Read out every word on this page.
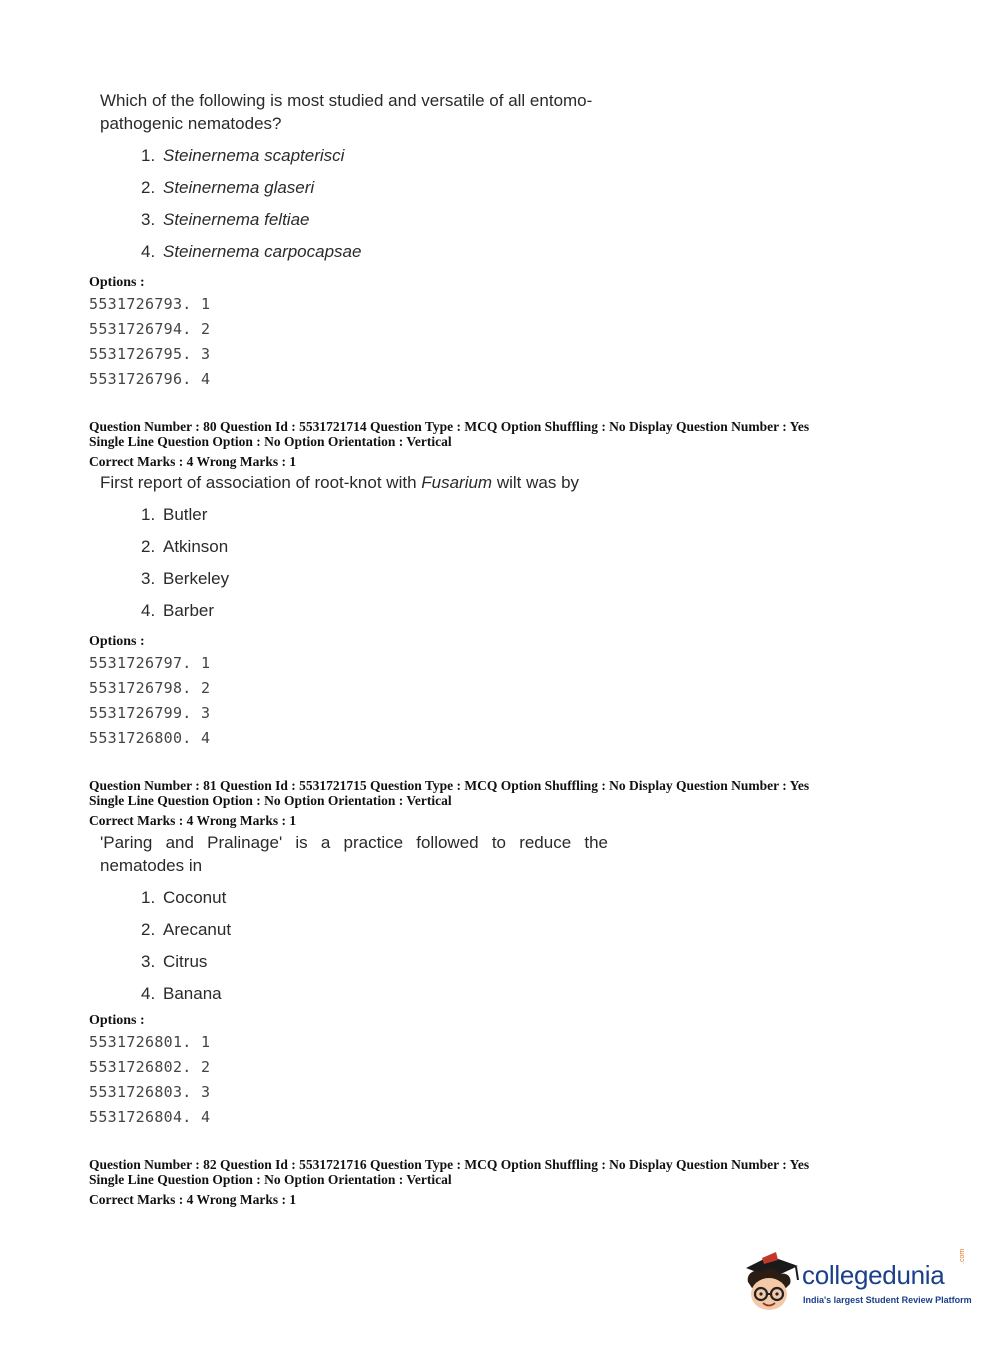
Which of the following is most studied and versatile of all entomo-pathogenic nematodes?
1. Steinernema scapterisci
2. Steinernema glaseri
3. Steinernema feltiae
4. Steinernema carpocapsae
Options :
5531726793. 1
5531726794. 2
5531726795. 3
5531726796. 4
Question Number : 80 Question Id : 5531721714 Question Type : MCQ Option Shuffling : No Display Question Number : Yes
Single Line Question Option : No Option Orientation : Vertical
Correct Marks : 4 Wrong Marks : 1
First report of association of root-knot with Fusarium wilt was by
1. Butler
2. Atkinson
3. Berkeley
4. Barber
Options :
5531726797. 1
5531726798. 2
5531726799. 3
5531726800. 4
Question Number : 81 Question Id : 5531721715 Question Type : MCQ Option Shuffling : No Display Question Number : Yes
Single Line Question Option : No Option Orientation : Vertical
Correct Marks : 4 Wrong Marks : 1
'Paring and Pralinage' is a practice followed to reduce the nematodes in
1. Coconut
2. Arecanut
3. Citrus
4. Banana
Options :
5531726801. 1
5531726802. 2
5531726803. 3
5531726804. 4
Question Number : 82 Question Id : 5531721716 Question Type : MCQ Option Shuffling : No Display Question Number : Yes
Single Line Question Option : No Option Orientation : Vertical
Correct Marks : 4 Wrong Marks : 1
collegedunia
.com
India's largest Student Review Platform
